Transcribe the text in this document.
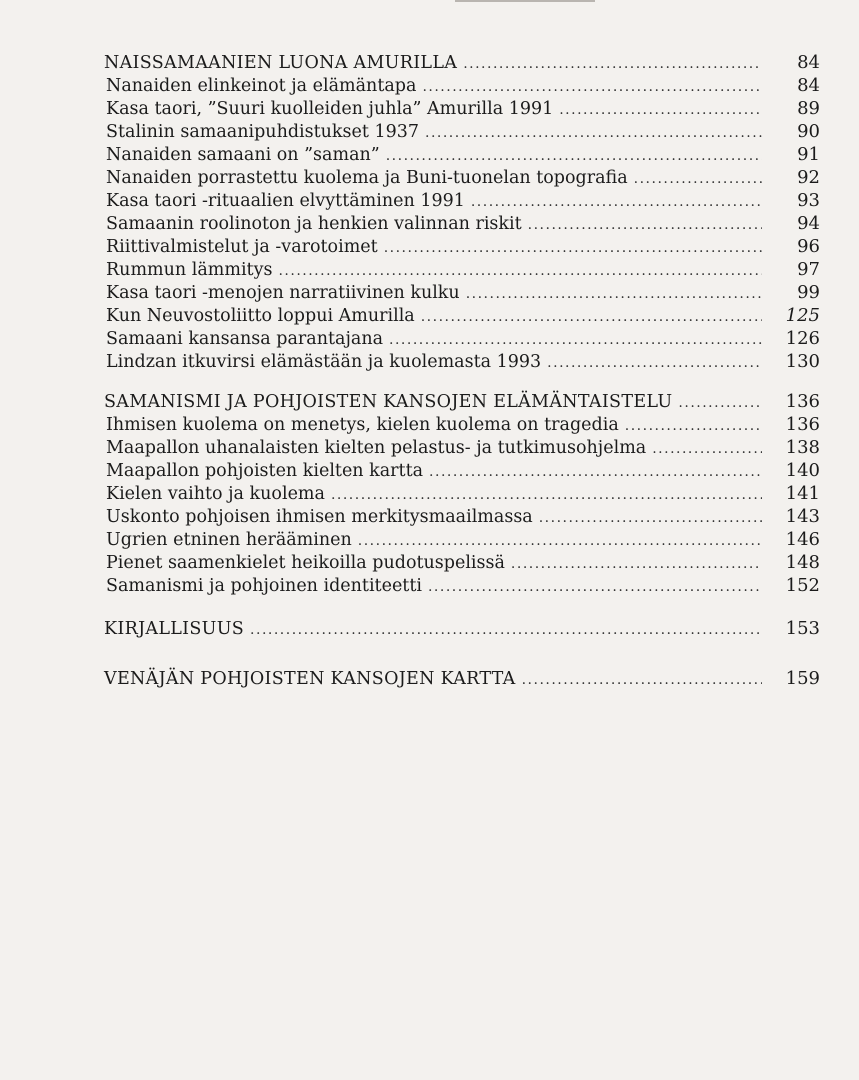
NAISSAMAANIEN LUONA AMURILLA .....	84
Nanaiden elinkeinot ja elämäntapa .....	84
Kasa taori, ”Suuri kuolleiden juhla” Amurilla 1991 .....	89
Stalinin samaanipuhdistukset 1937 .....	90
Nanaiden samaani on ”saman” .....	91
Nanaiden porrastettu kuolema ja Buni-tuonelan topografia .....	92
Kasa taori -rituaalien elvyttäminen 1991 .....	93
Samaanin roolinoton ja henkien valinnan riskit .....	94
Riittivalmistelut ja -varotoimet .....	96
Rummun lämmitys .....	97
Kasa taori -menojen narratiivinen kulku .....	99
Kun Neuvostoliitto loppui Amurilla .....	125
Samaani kansansa parantajana .....	126
Lindzan itkuvirsi elämästään ja kuolemasta 1993 .....	130
SAMANISMI JA POHJOISTEN KANSOJEN ELÄMÄNTAISTELU .....	136
Ihmisen kuolema on menetys, kielen kuolema on tragedia .....	136
Maapallon uhanalaisten kielten pelastus- ja tutkimusohjelma .....	138
Maapallon pohjoisten kielten kartta .....	140
Kielen vaihto ja kuolema .....	141
Uskonto pohjoisen ihmisen merkitysmaailmassa .....	143
Ugrien etninen herääminen .....	146
Pienet saamenkielet heikoilla pudotuspelissä .....	148
Samanismi ja pohjoinen identiteetti .....	152
KIRJALLISUUS .....	153
VENÄJÄN POHJOISTEN KANSOJEN KARTTA .....	159
